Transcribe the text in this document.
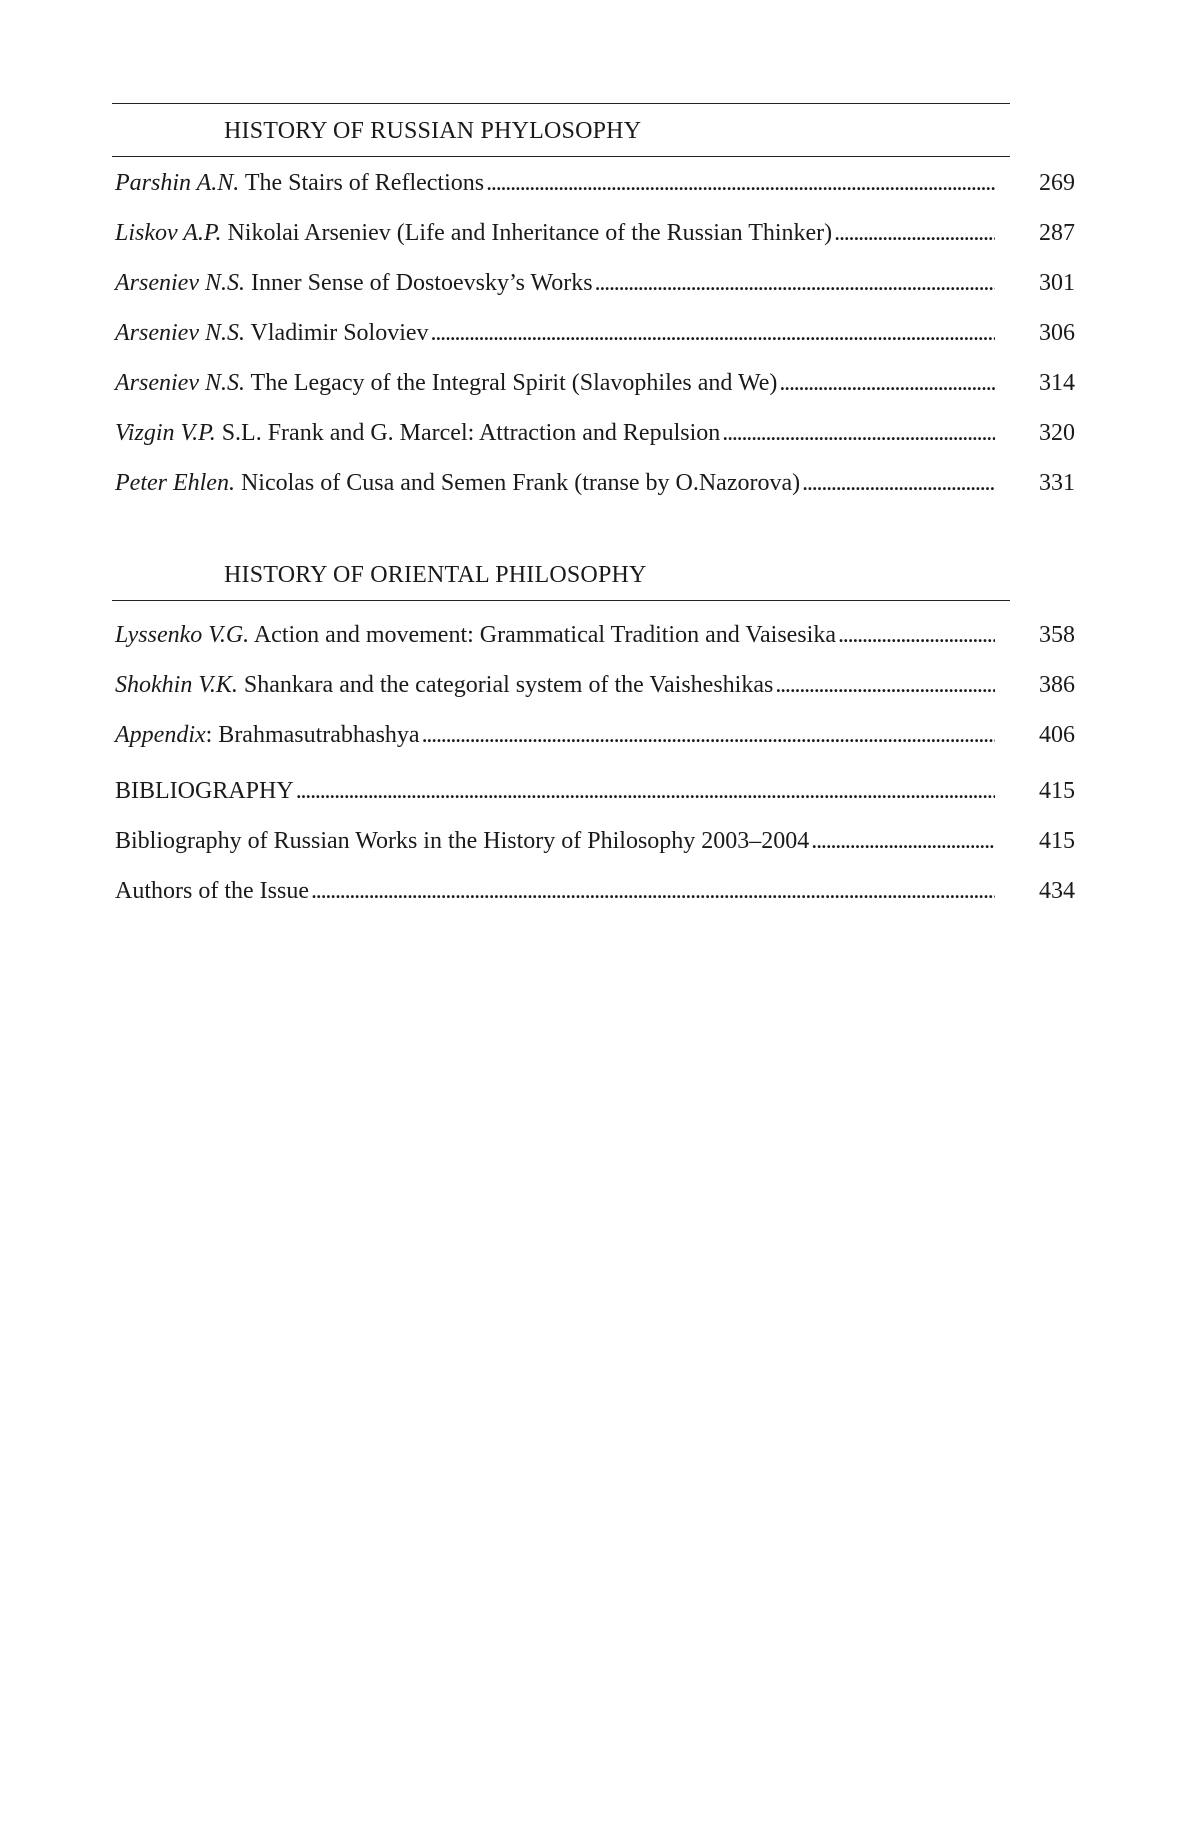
HISTORY OF RUSSIAN PHYLOSOPHY
Parshin A.N. The Stairs of Reflections . . .	269
Liskov A.P. Nikolai Arseniev (Life and Inheritance of the Russian Thinker) . . .	287
Arseniev N.S. Inner Sense of Dostoevsky’s Works . . .	301
Arseniev N.S. Vladimir Soloviev . . .	306
Arseniev N.S. The Legacy of the Integral Spirit (Slavophiles and We) . . .	314
Vizgin V.P. S.L. Frank and G. Marcel: Attraction and Repulsion . . .	320
Peter Ehlen. Nicolas of Cusa and Semen Frank (transe by O.Nazorova) . . .	331
HISTORY OF ORIENTAL PHILOSOPHY
Lyssenko V.G. Action and movement: Grammatical Tradition and Vaisesika . . .	358
Shokhin V.K. Shankara and the categorial system of the Vaisheshikas . . .	386
Appendix: Brahmasutrabhashya . . .	406
BIBLIOGRAPHY . . .	415
Bibliography of Russian Works in the History of Philosophy 2003–2004 . . .	415
Authors of the Issue . . .	434
